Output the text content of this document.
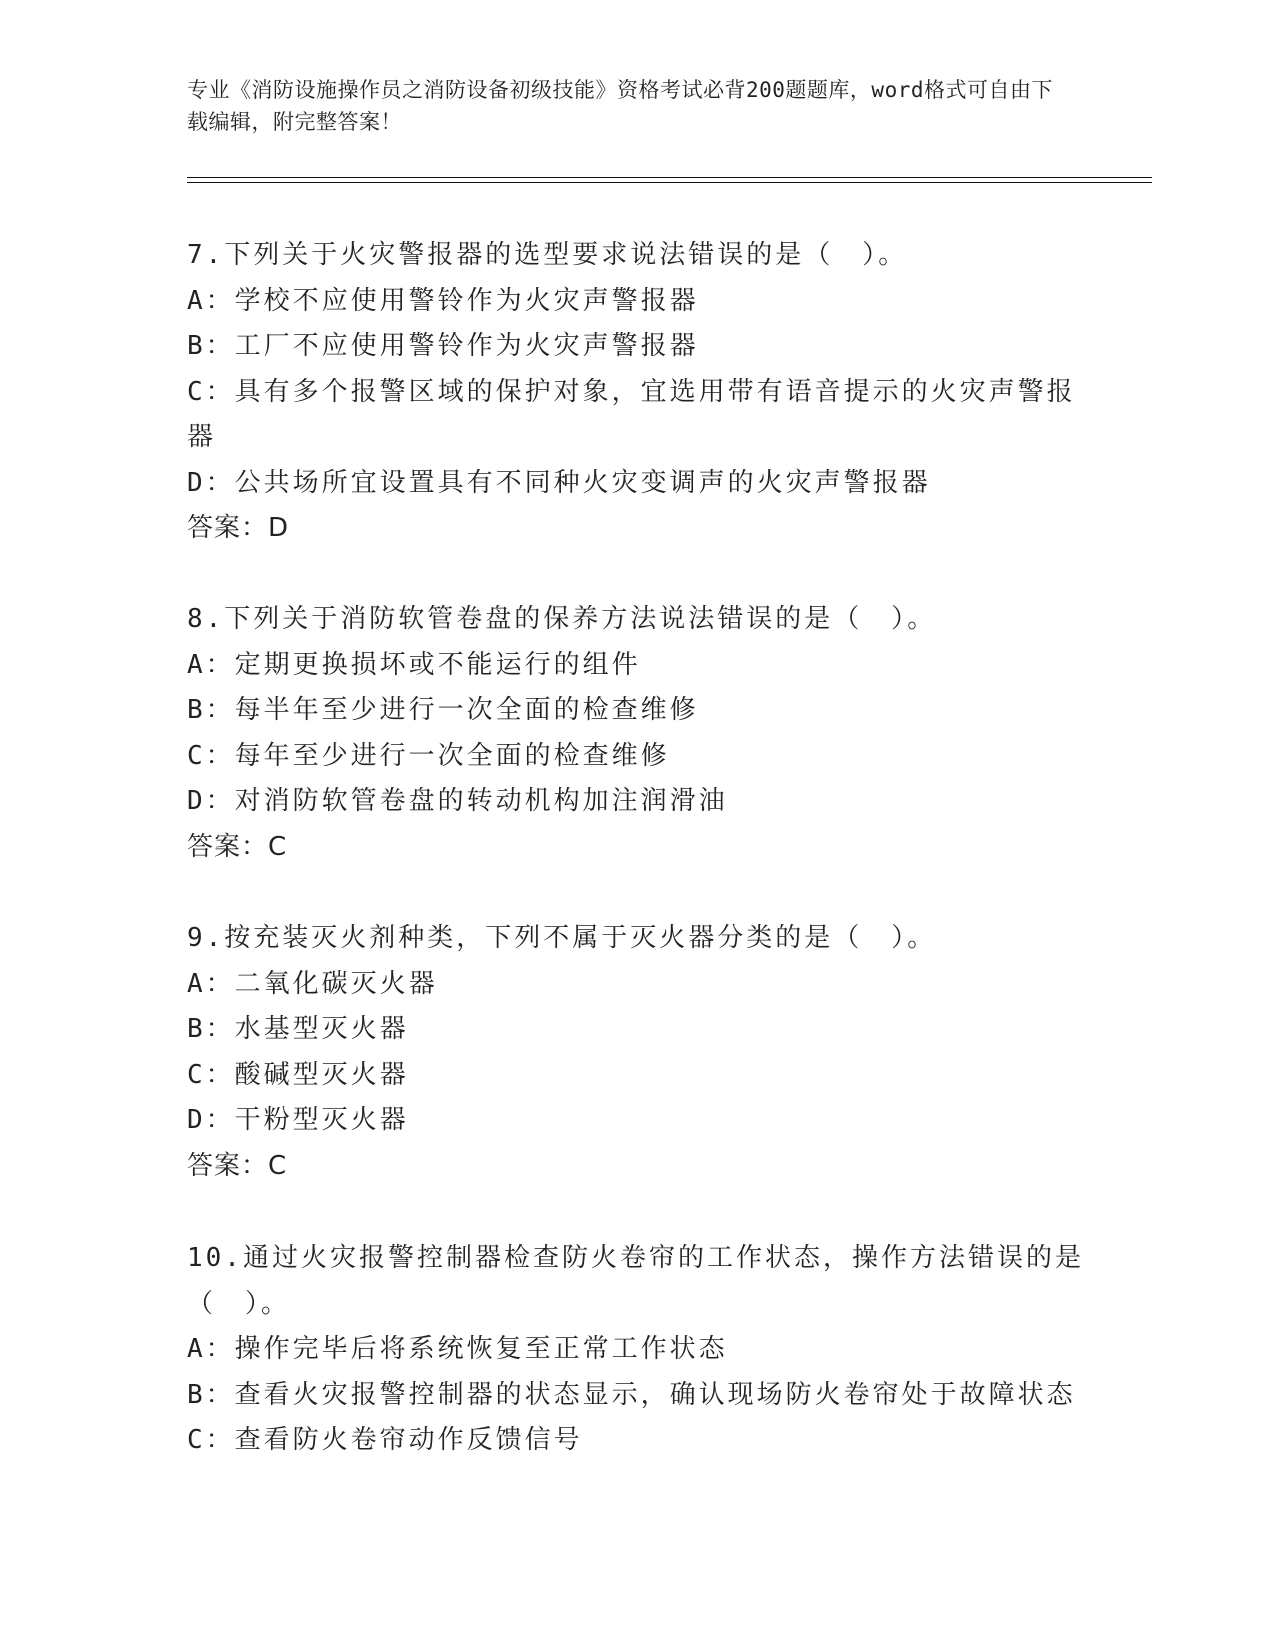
专业《消防设施操作员之消防设备初级技能》资格考试必背200题题库，word格式可自由下载编辑，附完整答案！
7.下列关于火灾警报器的选型要求说法错误的是（　）。
A：学校不应使用警铃作为火灾声警报器
B：工厂不应使用警铃作为火灾声警报器
C：具有多个报警区域的保护对象，宜选用带有语音提示的火灾声警报器
D：公共场所宜设置具有不同种火灾变调声的火灾声警报器
答案：D
8.下列关于消防软管卷盘的保养方法说法错误的是（　）。
A：定期更换损坏或不能运行的组件
B：每半年至少进行一次全面的检查维修
C：每年至少进行一次全面的检查维修
D：对消防软管卷盘的转动机构加注润滑油
答案：C
9.按充装灭火剂种类，下列不属于灭火器分类的是（　）。
A：二氧化碳灭火器
B：水基型灭火器
C：酸碱型灭火器
D：干粉型灭火器
答案：C
10.通过火灾报警控制器检查防火卷帘的工作状态，操作方法错误的是（　）。
A：操作完毕后将系统恢复至正常工作状态
B：查看火灾报警控制器的状态显示，确认现场防火卷帘处于故障状态
C：查看防火卷帘动作反馈信号
